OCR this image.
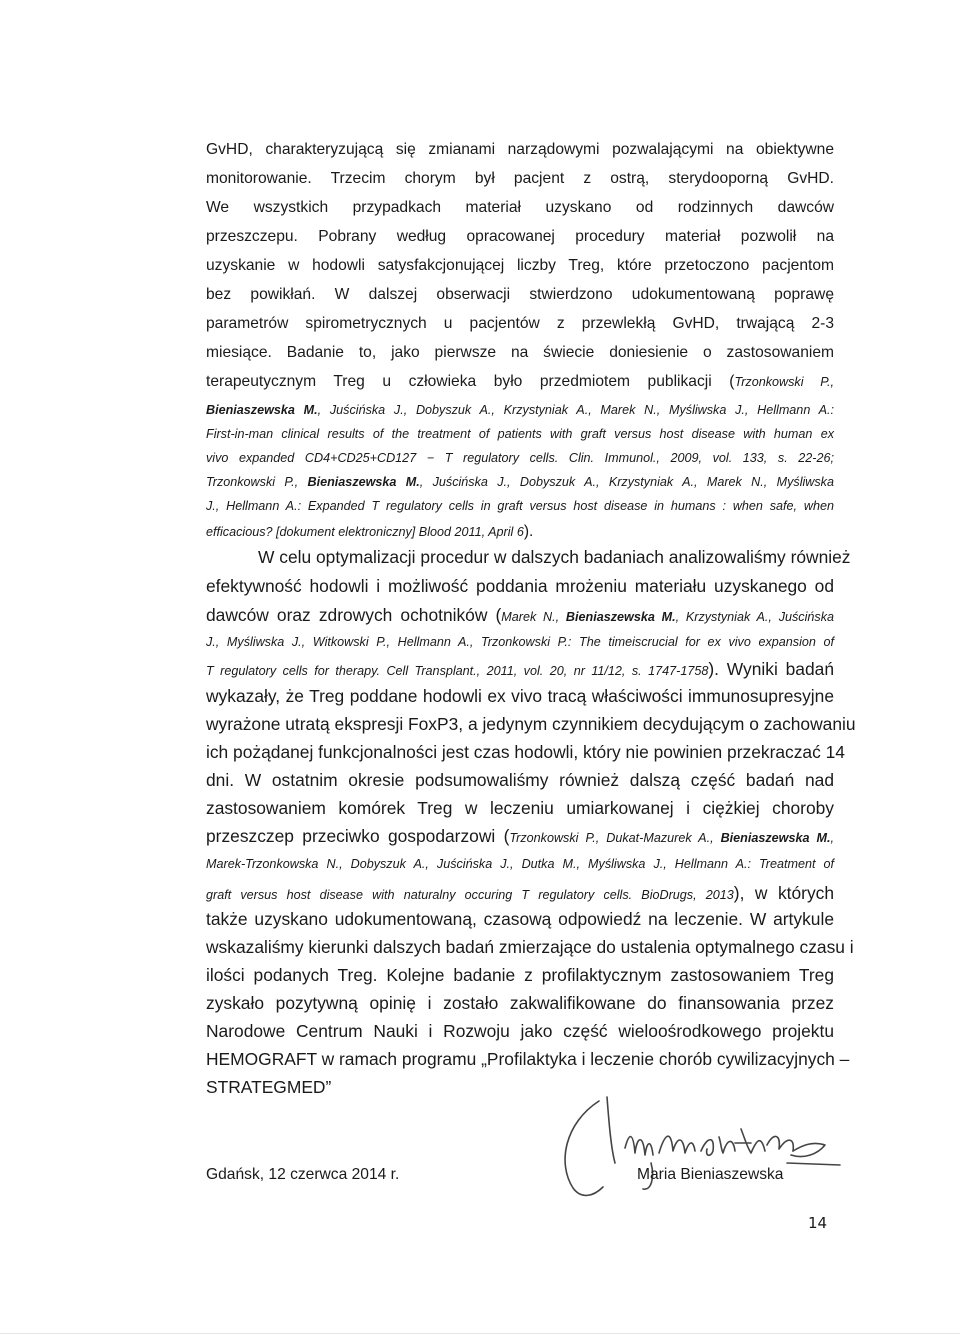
GvHD, charakteryzującą się zmianami narządowymi pozwalającymi na obiektywne
monitorowanie. Trzecim chorym był pacjent z ostrą, sterydooporną GvHD.
We wszystkich przypadkach materiał uzyskano od rodzinnych dawców
przeszczepu. Pobrany według opracowanej procedury materiał pozwolił na
uzyskanie w hodowli satysfakcjonującej liczby Treg, które przetoczono pacjentom
bez powikłań. W dalszej obserwacji stwierdzono udokumentowaną poprawę
parametrów spirometrycznych u pacjentów z przewlekłą GvHD, trwającą 2-3
miesiące. Badanie to, jako pierwsze na świecie doniesienie o zastosowaniem
terapeutycznym Treg u człowieka było przedmiotem publikacji (Trzonkowski P.,
Bieniaszewska M., Juścińska J., Dobyszuk A., Krzystyniak A., Marek N., Myśliwska J., Hellmann A.:
First-in-man clinical results of the treatment of patients with graft versus host disease with human ex
vivo expanded CD4+CD25+CD127 − T regulatory cells. Clin. Immunol., 2009, vol. 133, s. 22-26;
Trzonkowski P., Bieniaszewska M., Juścińska J., Dobyszuk A., Krzystyniak A., Marek N., Myśliwska
J., Hellmann A.: Expanded T regulatory cells in graft versus host disease in humans : when safe, when
efficacious? [dokument elektroniczny] Blood 2011, April 6).
W celu optymalizacji procedur w dalszych badaniach analizowaliśmy również
efektywność hodowli i możliwość poddania mrożeniu materiału uzyskanego od
dawców oraz zdrowych ochotników (Marek N., Bieniaszewska M., Krzystyniak A., Juścińska
J., Myśliwska J., Witkowski P., Hellmann A., Trzonkowski P.: The timeiscrucial for ex vivo expansion of
T regulatory cells for therapy. Cell Transplant., 2011, vol. 20, nr 11/12, s. 1747-1758). Wyniki badań
wykazały, że Treg poddane hodowli ex vivo tracą właściwości immunosupresyjne
wyrażone utratą ekspresji FoxP3, a jedynym czynnikiem decydującym o zachowaniu
ich pożądanej funkcjonalności jest czas hodowli, który nie powinien przekraczać 14
dni. W ostatnim okresie podsumowaliśmy również dalszą część badań nad
zastosowaniem komórek Treg w leczeniu umiarkowanej i ciężkiej choroby
przeszczep przeciwko gospodarzowi (Trzonkowski P., Dukat-Mazurek A., Bieniaszewska M.,
Marek-Trzonkowska N., Dobyszuk A., Juścińska J., Dutka M., Myśliwska J., Hellmann A.: Treatment of
graft versus host disease with naturalny occuring T regulatory cells. BioDrugs, 2013), w których
także uzyskano udokumentowaną, czasową odpowiedź na leczenie. W artykule
wskazaliśmy kierunki dalszych badań zmierzające do ustalenia optymalnego czasu i
ilości podanych Treg. Kolejne badanie z profilaktycznym zastosowaniem Treg
zyskało pozytywną opinię i zostało zakwalifikowane do finansowania przez
Narodowe Centrum Nauki i Rozwoju jako część wieloośrodkowego projektu
HEMOGRAFT w ramach programu „Profilaktyka i leczenie chorób cywilizacyjnych –
STRATEGMED”
Gdańsk, 12 czerwca 2014 r.	Maria Bieniaszewska
14
